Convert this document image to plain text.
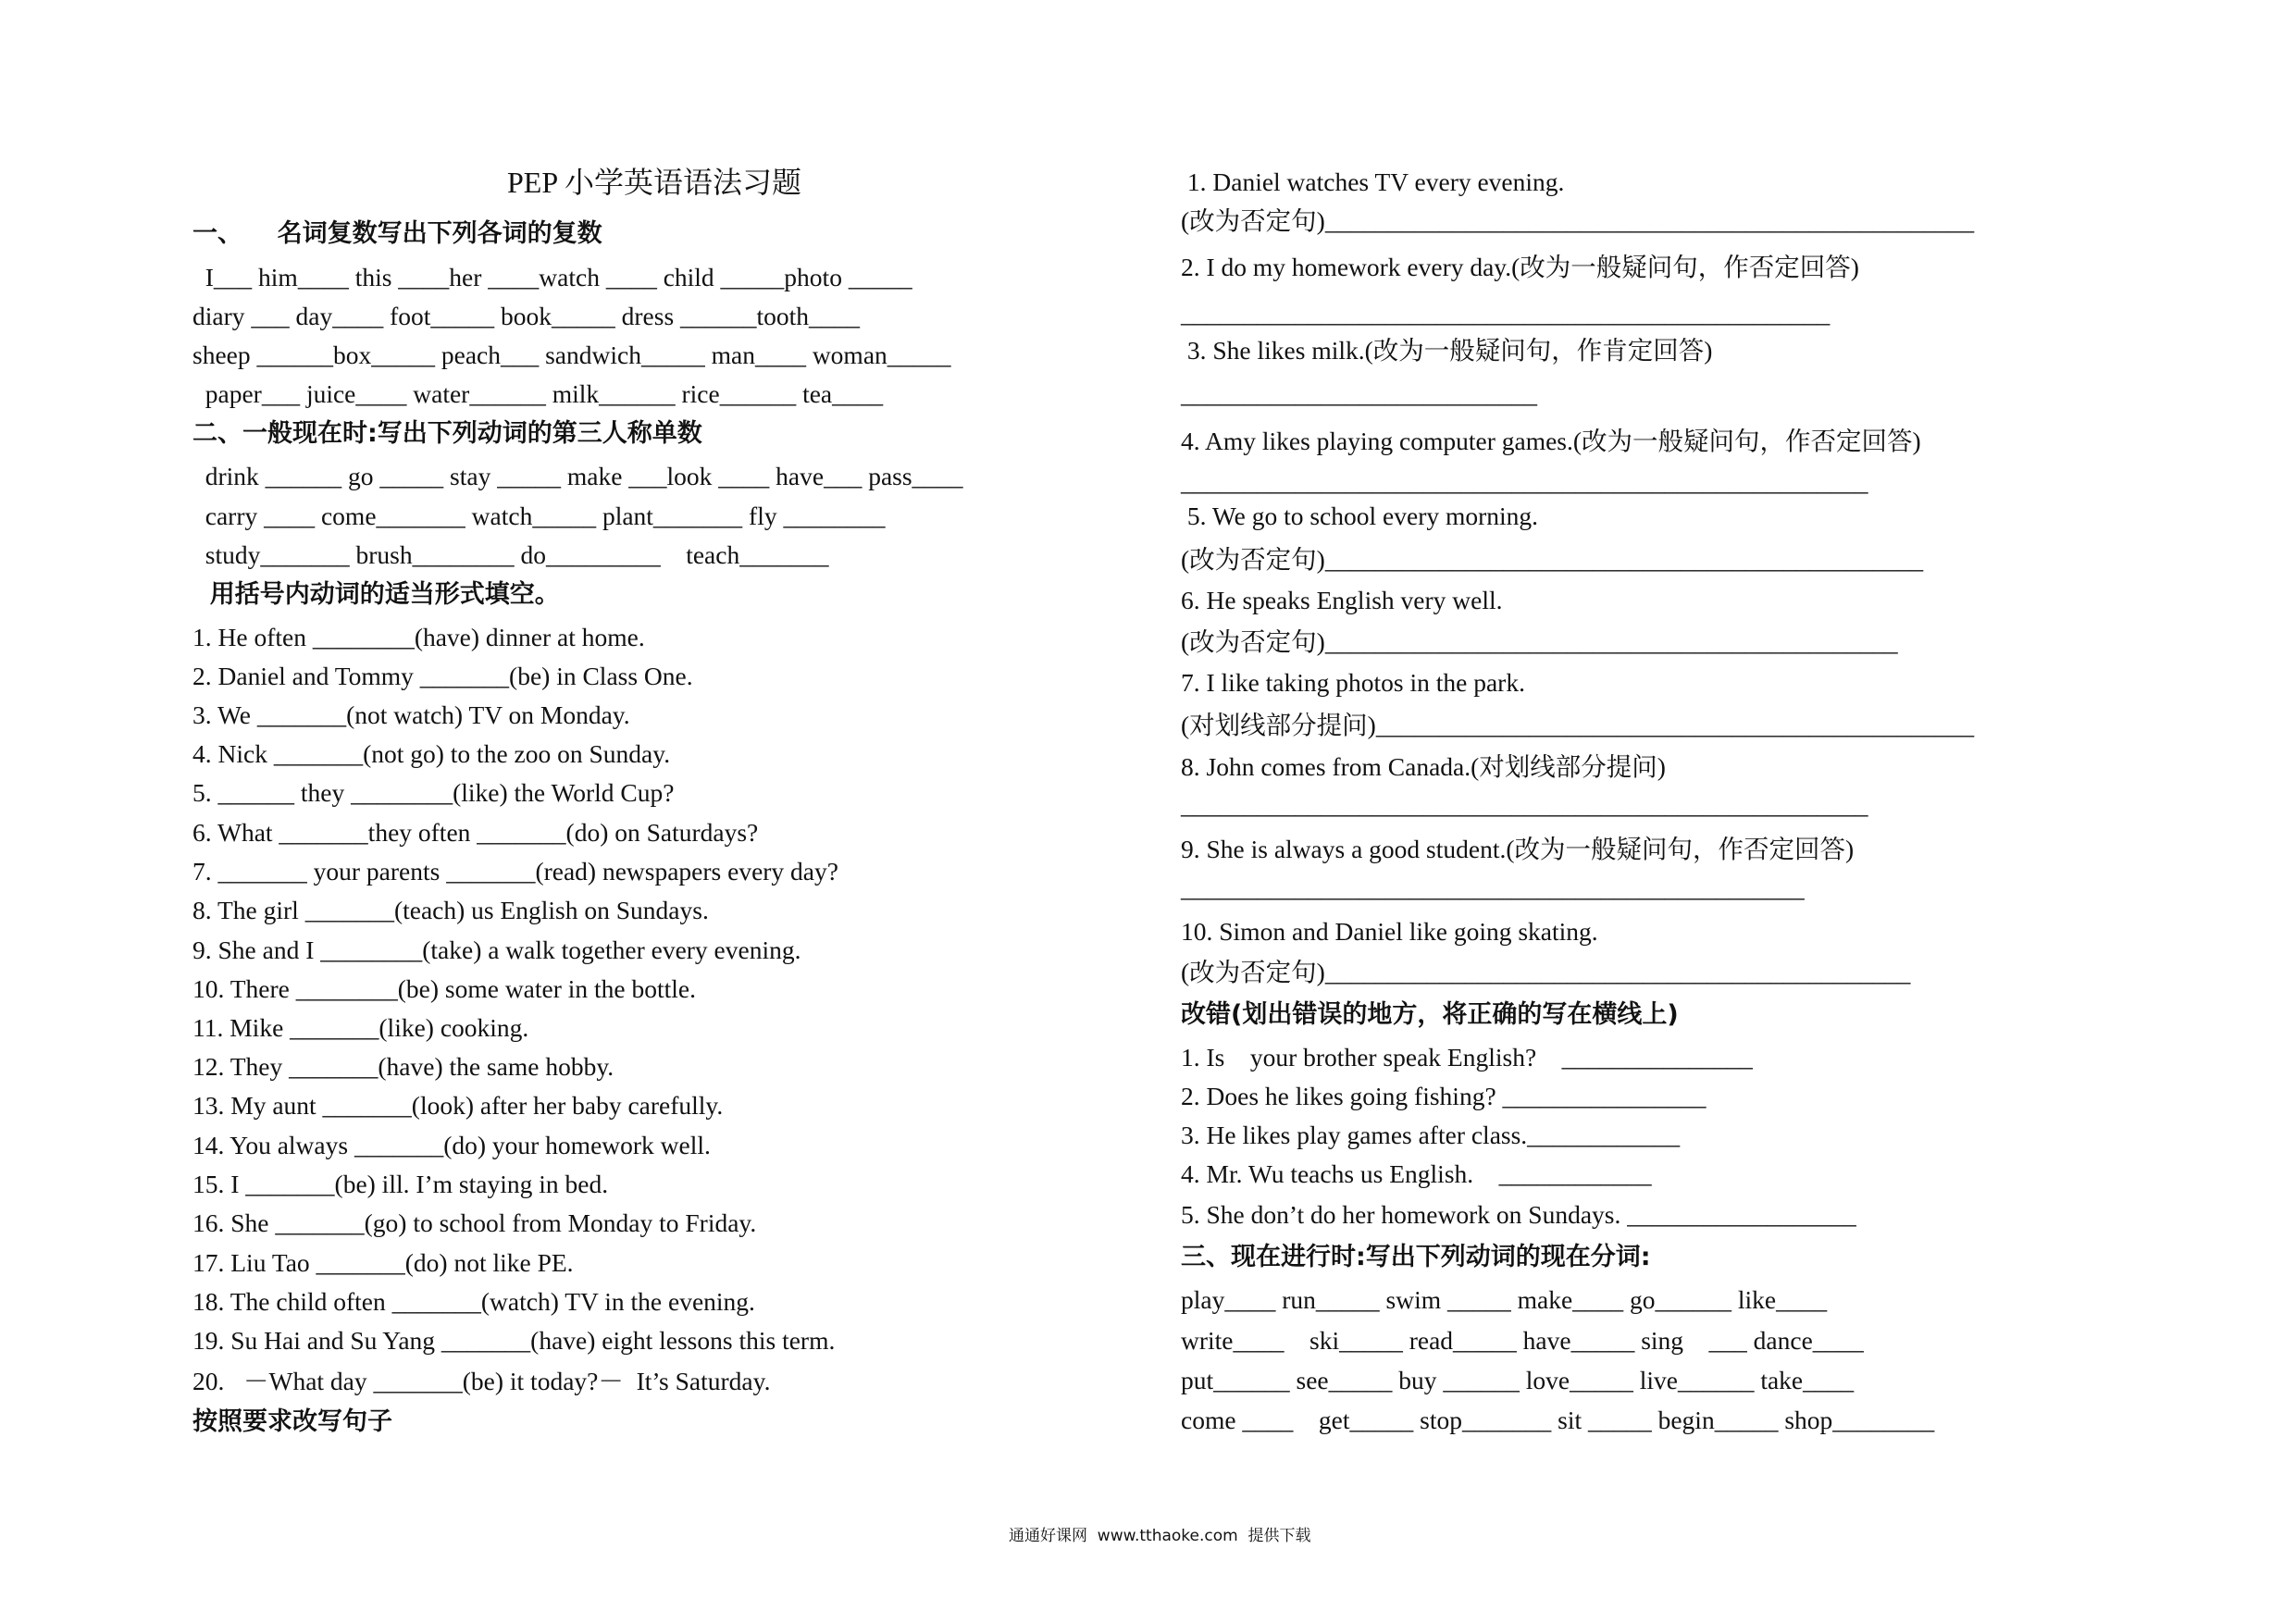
PEP 小学英语语法习题
一、    名词复数写出下列各词的复数
I___ him____ this ____her ____watch ____ child _____photo _____
diary ___ day____ foot_____ book_____ dress ______tooth____
sheep ______box_____ peach___ sandwich_____ man____ woman_____
paper___ juice____ water______ milk______ rice______ tea____
二、一般现在时:写出下列动词的第三人称单数
drink ______ go _____ stay _____ make ___look ____ have___ pass____
carry ____ come_______ watch_____ plant_______ fly ________
study_______ brush________ do_________    teach_______
用括号内动词的适当形式填空。
1. He often ________(have) dinner at home.
2. Daniel and Tommy _______(be) in Class One.
3. We _______(not watch) TV on Monday.
4. Nick _______(not go) to the zoo on Sunday.
5. ______ they ________(like) the World Cup?
6. What _______they often _______(do) on Saturdays?
7. _______ your parents _______(read) newspapers every day?
8. The girl _______(teach) us English on Sundays.
9. She and I ________(take) a walk together every evening.
10. There ________(be) some water in the bottle.
11. Mike _______(like) cooking.
12. They _______(have) the same hobby.
13. My aunt _______(look) after her baby carefully.
14. You always _______(do) your homework well.
15. I _______(be) ill. I’m staying in bed.
16. She _______(go) to school from Monday to Friday.
17. Liu Tao _______(do) not like PE.
18. The child often _______(watch) TV in the evening.
19. Su Hai and Su Yang _______(have) eight lessons this term.
20.   －What day _______(be) it today?－  It’s Saturday.
按照要求改写句子
1. Daniel watches TV every evening.
(改为否定句)___________________________________________________
2. I do my homework every day.(改为一般疑问句，作否定回答)
___________________________________________________
3. She likes milk.(改为一般疑问句，作肯定回答)
____________________________
4. Amy likes playing computer games.(改为一般疑问句，作否定回答)
______________________________________________________
5. We go to school every morning.
(改为否定句)_______________________________________________
6. He speaks English very well.
(改为否定句)_____________________________________________
7. I like taking photos in the park.
(对划线部分提问)_______________________________________________
8. John comes from Canada.(对划线部分提问)
______________________________________________________
9. She is always a good student.(改为一般疑问句，作否定回答)
_________________________________________________
10. Simon and Daniel like going skating.
(改为否定句)______________________________________________
改错(划出错误的地方，将正确的写在横线上)
1. Is    your brother speak English?    _______________
2. Does he likes going fishing? ________________
3. He likes play games after class.____________
4. Mr. Wu teachs us English.    ____________
5. She don’t do her homework on Sundays. __________________
三、现在进行时:写出下列动词的现在分词:
play____ run_____ swim _____ make____ go______ like____
write____    ski_____ read_____ have_____ sing    ___ dance____
put______ see_____ buy ______ love_____ live______ take____
come ____    get_____ stop_______ sit _____ begin_____ shop________
通通好课网  www.tthaoke.com  提供下载
